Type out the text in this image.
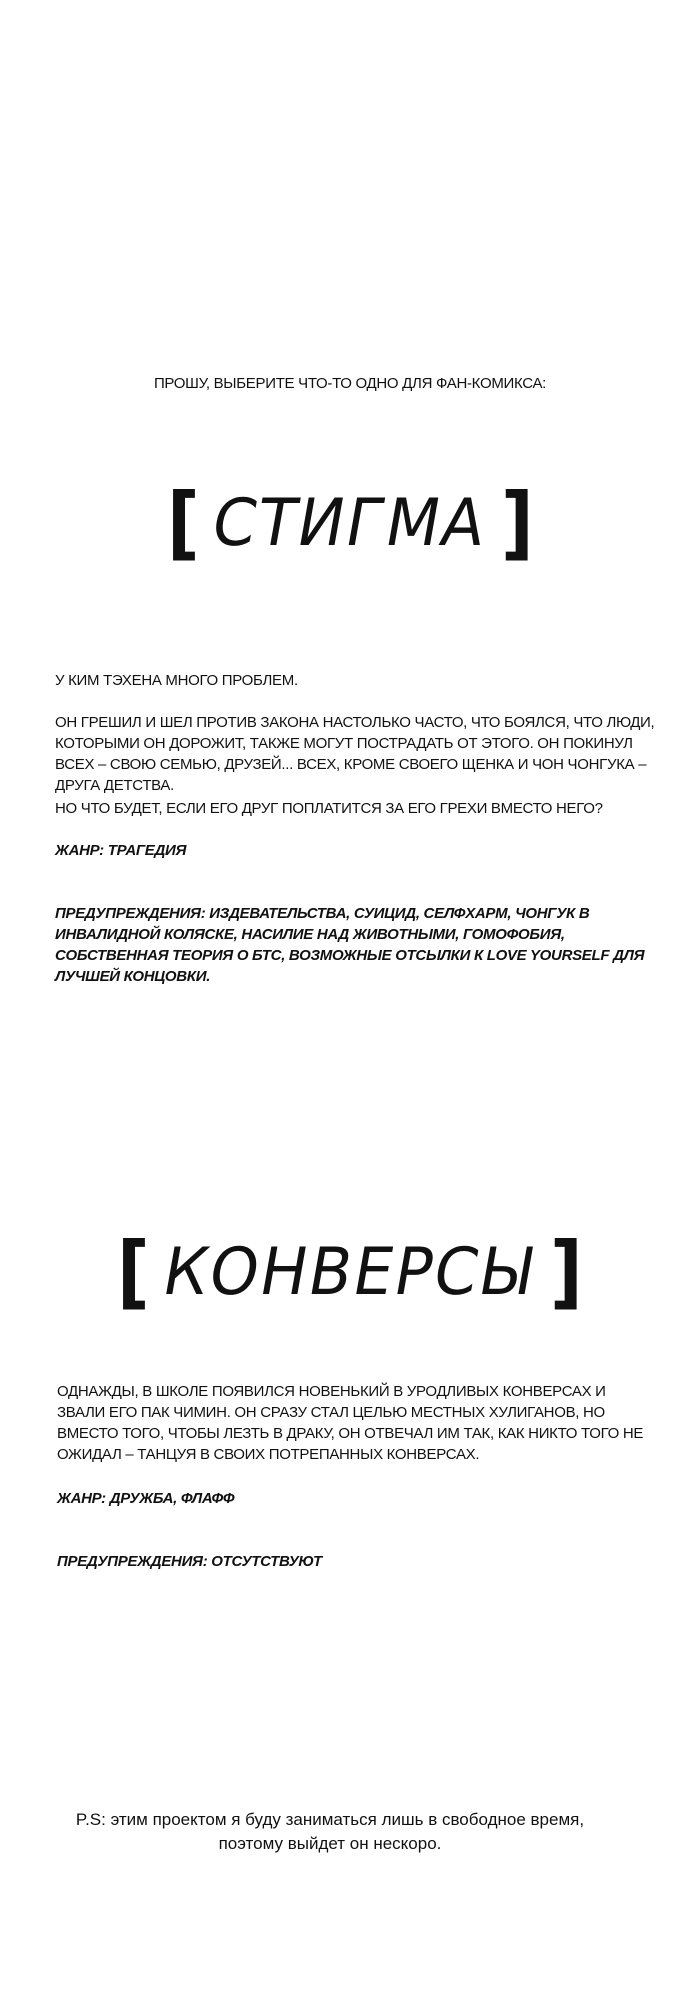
ПРОШУ, ВЫБЕРИТЕ ЧТО-ТО ОДНО ДЛЯ ФАН-КОМИКСА:

[ СТИГМА ]

У КИМ ТЭХЕНА МНОГО ПРОБЛЕМ.

ОН ГРЕШИЛ И ШЕЛ ПРОТИВ ЗАКОНА НАСТОЛЬКО ЧАСТО, ЧТО БОЯЛСЯ, ЧТО ЛЮДИ, КОТОРЫМИ ОН ДОРОЖИТ, ТАКЖЕ МОГУТ ПОСТРАДАТЬ ОТ ЭТОГО. ОН ПОКИНУЛ ВСЕХ – СВОЮ СЕМЬЮ, ДРУЗЕЙ... ВСЕХ, КРОМЕ СВОЕГО ЩЕНКА И ЧОН ЧОНГУКА – ДРУГА ДЕТСТВА.

НО ЧТО БУДЕТ, ЕСЛИ ЕГО ДРУГ ПОПЛАТИТСЯ ЗА ЕГО ГРЕХИ ВМЕСТО НЕГО?

ЖАНР: ТРАГЕДИЯ

ПРЕДУПРЕЖДЕНИЯ: ИЗДЕВАТЕЛЬСТВА, СУИЦИД, СЕЛФХАРМ, ЧОНГУК В ИНВАЛИДНОЙ КОЛЯСКЕ, НАСИЛИЕ НАД ЖИВОТНЫМИ, ГОМОФОБИЯ, СОБСТВЕННАЯ ТЕОРИЯ О БТС, ВОЗМОЖНЫЕ ОТСЫЛКИ К LOVE YOURSELF ДЛЯ ЛУЧШЕЙ КОНЦОВКИ.

[ КОНВЕРСЫ ]

ОДНАЖДЫ, В ШКОЛЕ ПОЯВИЛСЯ НОВЕНЬКИЙ В УРОДЛИВЫХ КОНВЕРСАХ И ЗВАЛИ ЕГО ПАК ЧИМИН. ОН СРАЗУ СТАЛ ЦЕЛЬЮ МЕСТНЫХ ХУЛИГАНОВ, НО ВМЕСТО ТОГО, ЧТОБЫ ЛЕЗТЬ В ДРАКУ, ОН ОТВЕЧАЛ ИМ ТАК, КАК НИКТО ТОГО НЕ ОЖИДАЛ – ТАНЦУЯ В СВОИХ ПОТРЕПАННЫХ КОНВЕРСАХ.

ЖАНР: ДРУЖБА, ФЛАФФ

ПРЕДУПРЕЖДЕНИЯ: ОТСУТСТВУЮТ

P.S: этим проектом я буду заниматься лишь в свободное время,
поэтому выйдет он нескоро.
